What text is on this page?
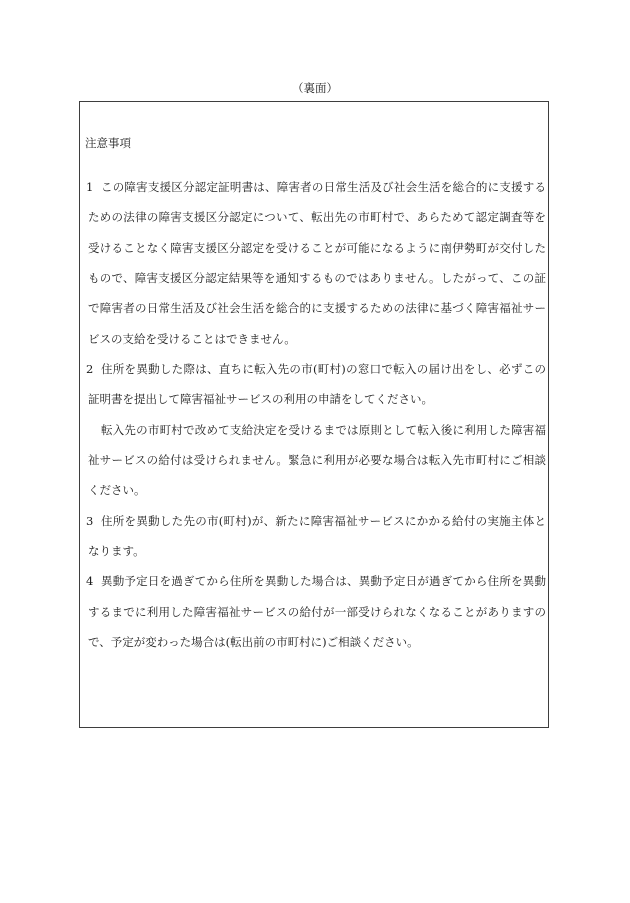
（裏面）
注意事項
1 この障害支援区分認定証明書は、障害者の日常生活及び社会生活を総合的に支援する
ための法律の障害支援区分認定について、転出先の市町村で、あらためて認定調査等を
受けることなく障害支援区分認定を受けることが可能になるように南伊勢町が交付した
もので、障害支援区分認定結果等を通知するものではありません。したがって、この証
で障害者の日常生活及び社会生活を総合的に支援するための法律に基づく障害福祉サー
ビスの支給を受けることはできません。
2 住所を異動した際は、直ちに転入先の市(町村)の窓口で転入の届け出をし、必ずこの
証明書を提出して障害福祉サービスの利用の申請をしてください。
転入先の市町村で改めて支給決定を受けるまでは原則として転入後に利用した障害福
祉サービスの給付は受けられません。緊急に利用が必要な場合は転入先市町村にご相談
ください。
3 住所を異動した先の市(町村)が、新たに障害福祉サービスにかかる給付の実施主体と
なります。
4 異動予定日を過ぎてから住所を異動した場合は、異動予定日が過ぎてから住所を異動
するまでに利用した障害福祉サービスの給付が一部受けられなくなることがありますの
で、予定が変わった場合は(転出前の市町村に)ご相談ください。
